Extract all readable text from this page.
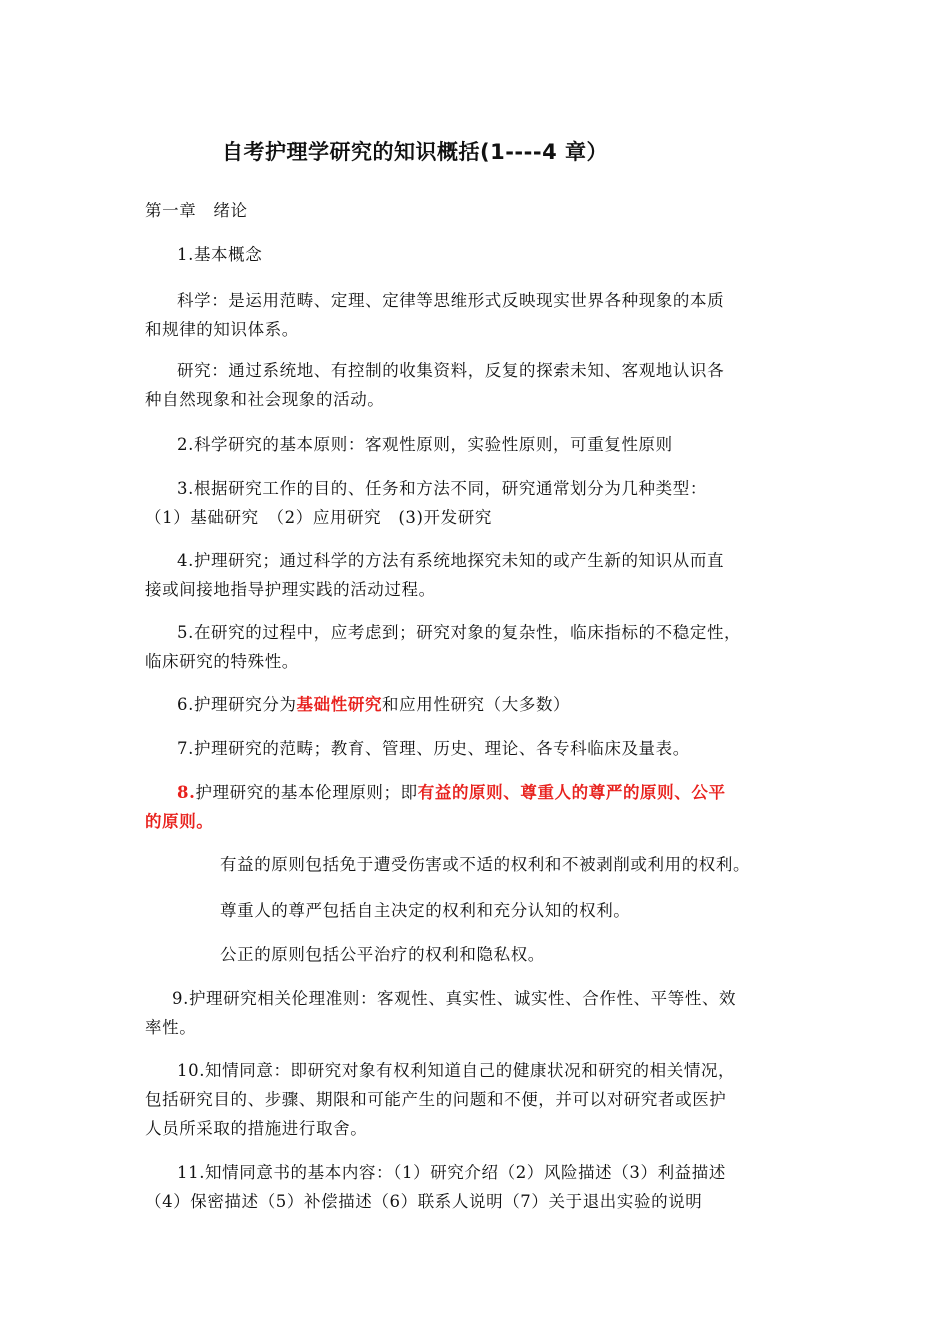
自考护理学研究的知识概括(1----4 章）
第一章　绪论
1.基本概念
科学：是运用范畴、定理、定律等思维形式反映现实世界各种现象的本质
和规律的知识体系。
研究：通过系统地、有控制的收集资料，反复的探索未知、客观地认识各
种自然现象和社会现象的活动。
2.科学研究的基本原则：客观性原则，实验性原则，可重复性原则
3.根据研究工作的目的、任务和方法不同，研究通常划分为几种类型：
（1）基础研究　（2）应用研究　(3)开发研究
4.护理研究；通过科学的方法有系统地探究未知的或产生新的知识从而直
接或间接地指导护理实践的活动过程。
5.在研究的过程中，应考虑到；研究对象的复杂性，临床指标的不稳定性，
临床研究的特殊性。
6.护理研究分为基础性研究和应用性研究（大多数）
7.护理研究的范畴；教育、管理、历史、理论、各专科临床及量表。
8.护理研究的基本伦理原则；即有益的原则、尊重人的尊严的原则、公平
的原则。
有益的原则包括免于遭受伤害或不适的权利和不被剥削或利用的权利。
尊重人的尊严包括自主决定的权利和充分认知的权利。
公正的原则包括公平治疗的权利和隐私权。
9.护理研究相关伦理准则：客观性、真实性、诚实性、合作性、平等性、效
率性。
10.知情同意：即研究对象有权利知道自己的健康状况和研究的相关情况，
包括研究目的、步骤、期限和可能产生的问题和不便，并可以对研究者或医护
人员所采取的措施进行取舍。
11.知情同意书的基本内容：（1）研究介绍（2）风险描述（3）利益描述
（4）保密描述（5）补偿描述（6）联系人说明（7）关于退出实验的说明
